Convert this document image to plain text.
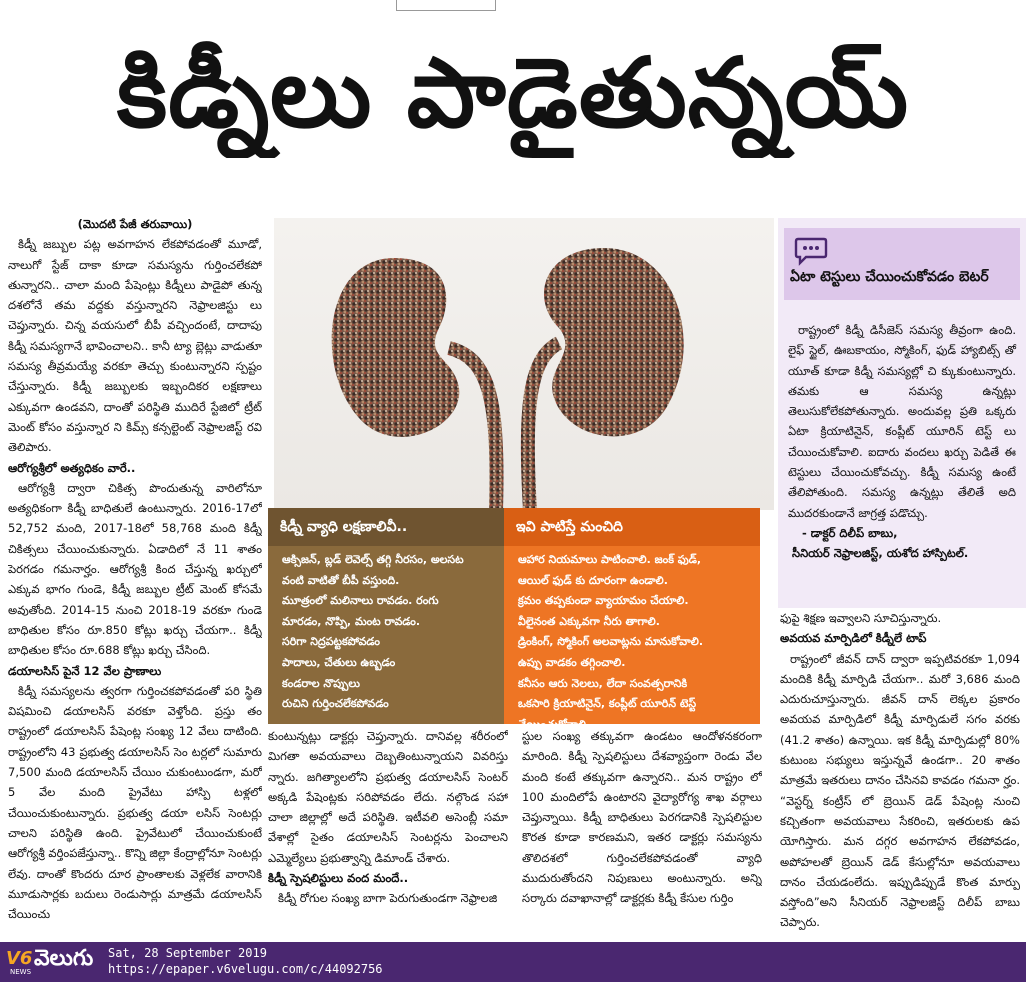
కిడ్నీలు పాడైతున్నయ్

(మొదటి పేజీ తరువాయి)

కిడ్నీ జబ్బుల పట్ల అవగాహన లేకపోవడంతో మూడో, నాలుగో స్టేజ్ దాకా కూడా సమస్యను గుర్తించలేకపో తున్నారని.. చాలా మంది పేషెంట్లు కిడ్నీలు పాడైపో తున్న దశలోనే తమ వద్దకు వస్తున్నారని నెఫ్రాలజిస్టు లు చెప్తున్నారు. చిన్న వయసులో బీపీ వచ్చిందంటే, దాదాపు కిడ్నీ సమస్యగానే భావించాలని.. కానీ ట్యా బ్లెట్లు వాడుతూ సమస్య తీవ్రమయ్యే వరకూ తెచ్చు కుంటున్నారని స్పష్టం చేస్తున్నారు. కిడ్నీ జబ్బులకు ఇబ్బందికర లక్షణాలు ఎక్కువగా ఉండవని, దాంతో పరిస్థితి ముదిరే స్టేజిలో ట్రీట్ మెంట్ కోసం వస్తున్నార ని కిమ్స్ కన్సల్టెంట్ నెఫ్రాలజిస్ట్ రవి తెలిపారు.

ఆరోగ్యశ్రీలో అత్యధికం వారే..

ఆరోగ్యశ్రీ ద్వారా చికిత్స పొందుతున్న వారిలోనూ అత్యధికంగా కిడ్నీ బాధితులే ఉంటున్నారు. 2016-17లో 52,752 మంది, 2017-18లో 58,768 మంది కిడ్నీ చికిత్సలు చేయించుకున్నారు. ఏడాదిలో నే 11 శాతం పెరగడం గమనార్హం. ఆరోగ్యశ్రీ కింద చేస్తున్న ఖర్చులో ఎక్కువ భాగం గుండె, కిడ్నీ జబ్బుల ట్రీట్ మెంట్ కోసమే అవుతోంది. 2014-15 నుంచి 2018-19 వరకూ గుండె బాధితుల కోసం రూ.850 కోట్లు ఖర్చు చేయగా.. కిడ్నీ బాధితుల కోసం రూ.688 కోట్లు ఖర్చు చేసింది.

డయాలసిస్ పైనే 12 వేల ప్రాణాలు

కిడ్నీ సమస్యలను త్వరగా గుర్తించకపోవడంతో పరి స్థితి విషమించి డయాలసిస్ వరకూ వెళ్తోంది. ప్రస్తు తం రాష్ట్రంలో డయాలసిస్ పేషెంట్ల సంఖ్య 12 వేలు దాటింది. రాష్ట్రంలోని 43 ప్రభుత్వ డయాలసిస్ సెం టర్లలో సుమారు 7,500 మంది డయాలసిస్ చేయిం చుకుంటుండగా, మరో 5 వేల మంది ప్రైవేటు హాస్పి టళ్లలో చేయించుకుంటున్నారు. ప్రభుత్వ డయా లసిస్ సెంటర్లు చాలని పరిస్థితి ఉంది. ప్రైవేటులో చేయించుకుంటే ఆరోగ్యశ్రీ వర్తింపజేస్తున్నా.. కొన్ని జిల్లా కేంద్రాల్లోనూ సెంటర్లు లేవు. దాంతో కొందరు దూర ప్రాంతాలకు వెళ్లలేక వారానికి మూడుసార్లకు బదులు రెండుసార్లు మాత్రమే డయాలసిస్ చేయించు

కిడ్నీ వ్యాధి లక్షణాలివీ..
ఆక్సిజన్, బ్లడ్ లెవెల్స్ తగ్గి నీరసం, అలసట
వంటి వాటితో బీపీ వస్తుంది.
మూత్రంలో మలినాలు రావడం. రంగు
మారడం, నొప్పి, మంట రావడం.
సరిగా నిద్రపట్టకపోవడం
పాదాలు, చేతులు ఉబ్బడం
కండరాల నొప్పులు
రుచిని గుర్తించలేకపోవడం
ఇవి పాటిస్తే మంచిది
ఆహార నియమాలు పాటించాలి. జంక్ ఫుడ్,
ఆయిల్ ఫుడ్ కు దూరంగా ఉండాలి.
క్రమం తప్పకుండా వ్యాయామం చేయాలి.
వీలైనంత ఎక్కువగా నీరు తాగాలి.
డ్రింకింగ్, స్మోకింగ్ అలవాట్లను మానుకోవాలి.
ఉప్పు వాడకం తగ్గించాలి.
కనీసం ఆరు నెలలు, లేదా సంవత్సరానికి
ఒకసారి క్రియాటినైన్, కంప్లీట్ యూరిన్ టెస్ట్
చేయించుకోవాలి.
ఏటా టెస్టులు చేయించుకోవడం బెటర్

రాష్ట్రంలో కిడ్నీ డిసీజెస్ సమస్య తీవ్రంగా ఉంది. లైఫ్ స్టైల్, ఊబకాయం, స్మోకింగ్, ఫుడ్ హ్యాబిట్స్ తో యూత్ కూడా కిడ్నీ సమస్యల్లో చి క్కుకుంటున్నారు. తమకు ఆ సమస్య ఉన్నట్లు తెలుసుకోలేకపోతున్నారు. అందువల్ల ప్రతి ఒక్కరు ఏటా క్రియాటినైన్, కంప్లీట్ యూరిన్ టెస్ట్ లు చేయించుకోవాలి. ఐదారు వందలు ఖర్చు పెడితే ఈ టెస్టులు చేయించుకోవచ్చు. కిడ్నీ సమస్య ఉంటే తేలిపోతుంది. సమస్య ఉన్నట్లు తేలితే అది ముదరకుండానే జాగ్రత్త పడొచ్చు.

- డాక్టర్ దిలీప్ బాబు,
సీనియర్ నెఫ్రాలజిస్ట్, యశోద హాస్పిటల్.

కుంటున్నట్లు డాక్టర్లు చెప్తున్నారు. దానివల్ల శరీరంలో మిగతా అవయవాలు దెబ్బతింటున్నాయని వివరిస్తు న్నారు. జగిత్యాలలోని ప్రభుత్వ డయాలసిస్ సెంటర్ అక్కడి పేషెంట్లకు సరిపోవడం లేదు. నల్గొండ సహా చాలా జిల్లాల్లో అదే పరిస్థితి. ఇటీవలి అసెంబ్లీ సమా వేశాల్లో సైతం డయాలసిస్ సెంటర్లను పెంచాలని ఎమ్మెల్యేలు ప్రభుత్వాన్ని డిమాండ్ చేశారు.

కిడ్నీ స్పెషలిస్టులు వంద మందే..

కిడ్నీ రోగుల సంఖ్య బాగా పెరుగుతుండగా నెఫ్రాలజి

స్టుల సంఖ్య తక్కువగా ఉండటం ఆందోళనకరంగా మారింది. కిడ్నీ స్పెషలిస్టులు దేశవ్యాప్తంగా రెండు వేల మంది కంటే తక్కువగా ఉన్నారని.. మన రాష్ట్రం లో 100 మందిలోపే ఉంటారని వైద్యారోగ్య శాఖ వర్గాలు చెప్తున్నాయి. కిడ్నీ బాధితులు పెరగడానికి స్పెషలిస్టుల కొరత కూడా కారణమని, ఇతర డాక్టర్లు సమస్యను తొలిదశలో గుర్తించలేకపోవడంతో వ్యాధి ముదురుతోందని నిపుణులు అంటున్నారు. అన్ని సర్కారు దవాఖానాల్లో డాక్టర్లకు కిడ్నీ కేసుల గుర్తిం

ఫుపై శిక్షణ ఇవ్వాలని సూచిస్తున్నారు.

అవయవ మార్పిడిలో కిడ్నీలే టాప్

రాష్ట్రంలో జీవన్ దాన్ ద్వారా ఇప్పటివరకూ 1,094 మందికి కిడ్నీ మార్పిడి చేయగా.. మరో 3,686 మంది ఎదురుచూస్తున్నారు. జీవన్ దాన్ లెక్కల ప్రకారం అవయవ మార్పిడిలో కిడ్నీ మార్పిడులే సగం వరకు (41.2 శాతం) ఉన్నాయి. ఇక కిడ్నీ మార్పిడుల్లో 80% కుటుంబ సభ్యులు ఇస్తున్నవే ఉండగా.. 20 శాతం మాత్రమే ఇతరులు దానం చేసినవి కావడం గమనా ర్హం. “వెస్టర్న్ కంట్రీస్ లో బ్రెయిన్ డెడ్ పేషెంట్ల నుంచి కచ్చితంగా అవయవాలు సేకరించి, ఇతరులకు ఉప యోగిస్తారు. మన దగ్గర అవగాహన లేకపోవడం, అపోహలతో బ్రెయిన్ డెడ్ కేసుల్లోనూ అవయవాలు దానం చేయడంలేదు. ఇప్పుడిప్పుడే కొంత మార్పు వస్తోంది”అని సీనియర్ నెఫ్రాలజిస్ట్ దిలీప్ బాబు చెప్పారు.

V6
NEWS
వెలుగు Sat, 28 September 2019
https://epaper.v6velugu.com/c/44092756
